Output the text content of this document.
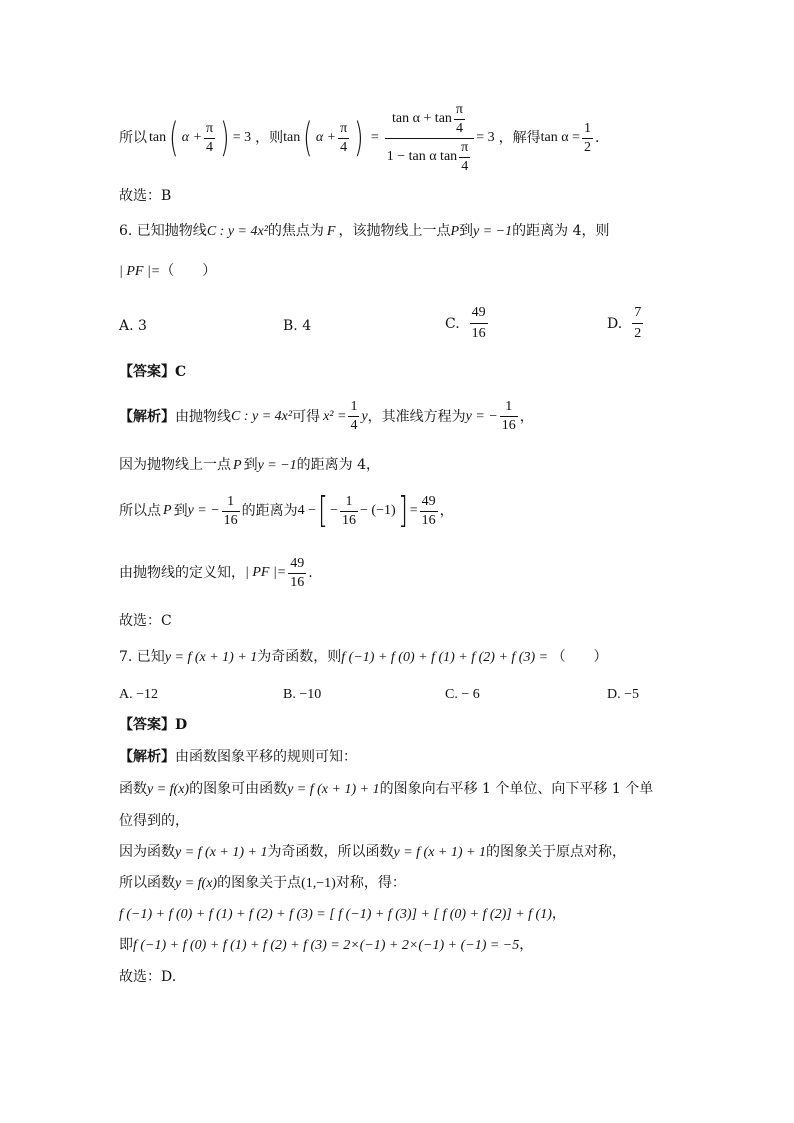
所以 tan ( $\alpha + \frac{\pi}{4}$ ) = 3 ，则 tan ( $\alpha + \frac{\pi}{4}$ ) = $\frac{\tan \alpha + \tan \frac{\pi}{4}}{1 - \tan \alpha \tan \frac{\pi}{4}} = 3$ ，解得 $\tan \alpha = \frac{1}{2}$ .
故选：B
6. 已知抛物线C : y = 4x²的焦点为 F ，该抛物线上一点P到y = −1的距离为 4，则
| PF |=（　　）
A. 3	B. 4	C. $\frac{49}{16}$	D. $\frac{7}{2}$
【答案】C
【解析】 由抛物线 C : y = 4x² 可得 $x^2 = \frac{1}{4}$ y ，其准线方程为 y = − $\frac{1}{16}$ ，
因为抛物线上一点 P 到y = −1的距离为 4，
所以点 P 到 y = − $\frac{1}{16}$ 的距离为 4 − [ − $\frac{1}{16} - (-1)$ ] = $\frac{49}{16}$ ，
由抛物线的定义知， | PF |= $\frac{49}{16}$ .
故选：C
7. 已知y = f (x + 1) + 1为奇函数，则f (−1) + f (0) + f (1) + f (2) + f (3) = （　　）
A. −12	B. −10	C. − 6	D. −5
【答案】D
【解析】由函数图象平移的规则可知：
函数y = f(x)的图象可由函数y = f (x + 1) + 1的图象向右平移 1 个单位、向下平移 1 个单
位得到的，
因为函数y = f (x + 1) + 1为奇函数，所以函数y = f (x + 1) + 1的图象关于原点对称，
所以函数y = f(x)的图象关于点(1,−1)对称，得：
f (−1) + f (0) + f (1) + f (2) + f (3) = [ f (−1) + f (3)] + [ f (0) + f (2)] + f (1)，
即f (−1) + f (0) + f (1) + f (2) + f (3) = 2×(−1) + 2×(−1) + (−1) = −5，
故选：D.
